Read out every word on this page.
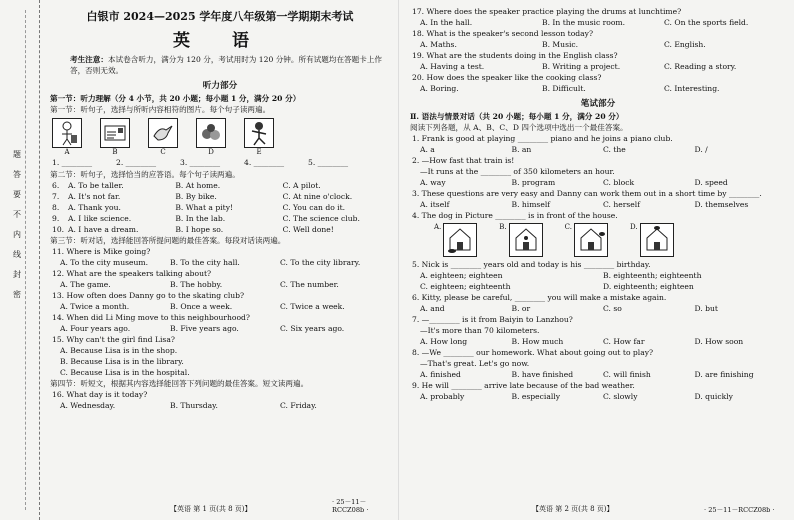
题
答
要
不
内
线
封
密
白银市 2024—2025 学年度八年级第一学期期末考试
英 语
考生注意：本试卷含听力，满分为 120 分，考试用时为 120 分钟。所有试题均在答题卡上作答，否则无效。
听力部分
第一节：听力理解（分 4 小节，共 20 小题；每小题 1 分，满分 20 分）
第一节：听句子，选择与所听内容相符的图片。每个句子读两遍。
A	B	C	D	E
1. ________	2. ________	3. ________	4. ________	5. ________
第二节：听句子，选择恰当的应答语。每个句子读两遍。
6.	A. To be taller.	B. At home.	C. A pilot.
7.	A. It's not far.	B. By bike.	C. At nine o'clock.
8.	A. Thank you.	B. What a pity!	C. You can do it.
9.	A. I like science.	B. In the lab.	C. The science club.
10. A. I have a dream.	B. I hope so.	C. Well done!
第三节：听对话，选择能回答所提问题的最佳答案。每段对话读两遍。
11. Where is Mike going?
A. To the city museum.	B. To the city hall.	C. To the city library.
12. What are the speakers talking about?
A. The game.	B. The hobby.	C. The number.
13. How often does Danny go to the skating club?
A. Twice a month.	B. Once a week.	C. Twice a week.
14. When did Li Ming move to this neighbourhood?
A. Four years ago.	B. Five years ago.	C. Six years ago.
15. Why can't the girl find Lisa?
A. Because Lisa is in the shop.
B. Because Lisa is in the library.
C. Because Lisa is in the hospital.
第四节：听短文，根据其内容选择能回答下列问题的最佳答案。短文读两遍。
16. What day is it today?
A. Wednesday.	B. Thursday.	C. Friday.
【英语 第 1 页(共 8 页)】
· 25－11－RCCZ08b ·
17. Where does the speaker practice playing the drums at lunchtime?
A. In the hall.	B. In the music room.	C. On the sports field.
18. What is the speaker's second lesson today?
A. Maths.	B. Music.	C. English.
19. What are the students doing in the English class?
A. Having a test.	B. Writing a project.	C. Reading a story.
20. How does the speaker like the cooking class?
A. Boring.	B. Difficult.	C. Interesting.
笔试部分
Ⅱ. 语法与情景对话（共 20 小题；每小题 1 分，满分 20 分）
阅读下列各题，从 A、B、C、D 四个选项中选出一个最佳答案。
1. Frank is good at playing ________ piano and he joins a piano club.
A. a	B. an	C. the	D. /
2. —How fast that train is!
—It runs at the ________ of 350 kilometers an hour.
A. way	B. program	C. block	D. speed
3. These questions are very easy and Danny can work them out in a short time by ________.
A. itself	B. himself	C. herself	D. themselves
4. The dog in Picture ________ is in front of the house.
A.	B.	C.	D.
5. Nick is ________ years old and today is his ________ birthday.
A. eighteen; eighteen	B. eighteenth; eighteenth
C. eighteen; eighteenth	D. eighteenth; eighteen
6. Kitty, please be careful, ________ you will make a mistake again.
A. and	B. or	C. so	D. but
7. —________ is it from Baiyin to Lanzhou?
—It's more than 70 kilometers.
A. How long	B. How much	C. How far	D. How soon
8. —We ________ our homework. What about going out to play?
—That's great. Let's go now.
A. finished	B. have finished	C. will finish	D. are finishing
9. He will ________ arrive late because of the bad weather.
A. probably	B. especially	C. slowly	D. quickly
【英语 第 2 页(共 8 页)】	· 25－11－RCCZ08b ·
